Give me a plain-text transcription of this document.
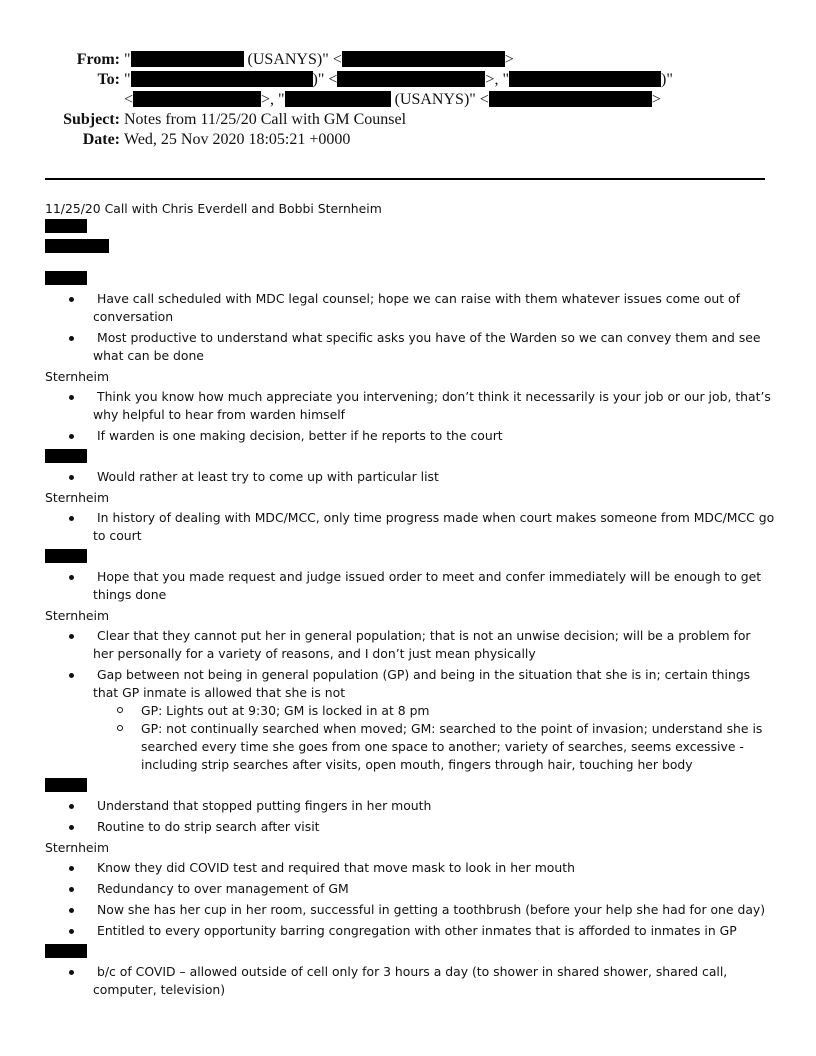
From: "	(USANYS)" <	>
To: "	)" <	>, "	)"
<	>, "	(USANYS)" <	>
Subject: Notes from 11/25/20 Call with GM Counsel
Date: Wed, 25 Nov 2020 18:05:21 +0000

11/25/20 Call with Chris Everdell and Bobbi Sternheim

Have call scheduled with MDC legal counsel; hope we can raise with them whatever issues come out of conversation
Most productive to understand what specific asks you have of the Warden so we can convey them and see what can be done
Sternheim
Think you know how much appreciate you intervening; don’t think it necessarily is your job or our job, that’s why helpful to hear from warden himself
If warden is one making decision, better if he reports to the court
Would rather at least try to come up with particular list
Sternheim
In history of dealing with MDC/MCC, only time progress made when court makes someone from MDC/MCC go to court
Hope that you made request and judge issued order to meet and confer immediately will be enough to get things done
Sternheim
Clear that they cannot put her in general population; that is not an unwise decision; will be a problem for her personally for a variety of reasons, and I don’t just mean physically
Gap between not being in general population (GP) and being in the situation that she is in; certain things that GP inmate is allowed that she is not
GP: Lights out at 9:30; GM is locked in at 8 pm
GP: not continually searched when moved; GM: searched to the point of invasion; understand she is searched every time she goes from one space to another; variety of searches, seems excessive - including strip searches after visits, open mouth, fingers through hair, touching her body
Understand that stopped putting fingers in her mouth
Routine to do strip search after visit
Sternheim
Know they did COVID test and required that move mask to look in her mouth
Redundancy to over management of GM
Now she has her cup in her room, successful in getting a toothbrush (before your help she had for one day)
Entitled to every opportunity barring congregation with other inmates that is afforded to inmates in GP
b/c of COVID – allowed outside of cell only for 3 hours a day (to shower in shared shower, shared call, computer, television)
